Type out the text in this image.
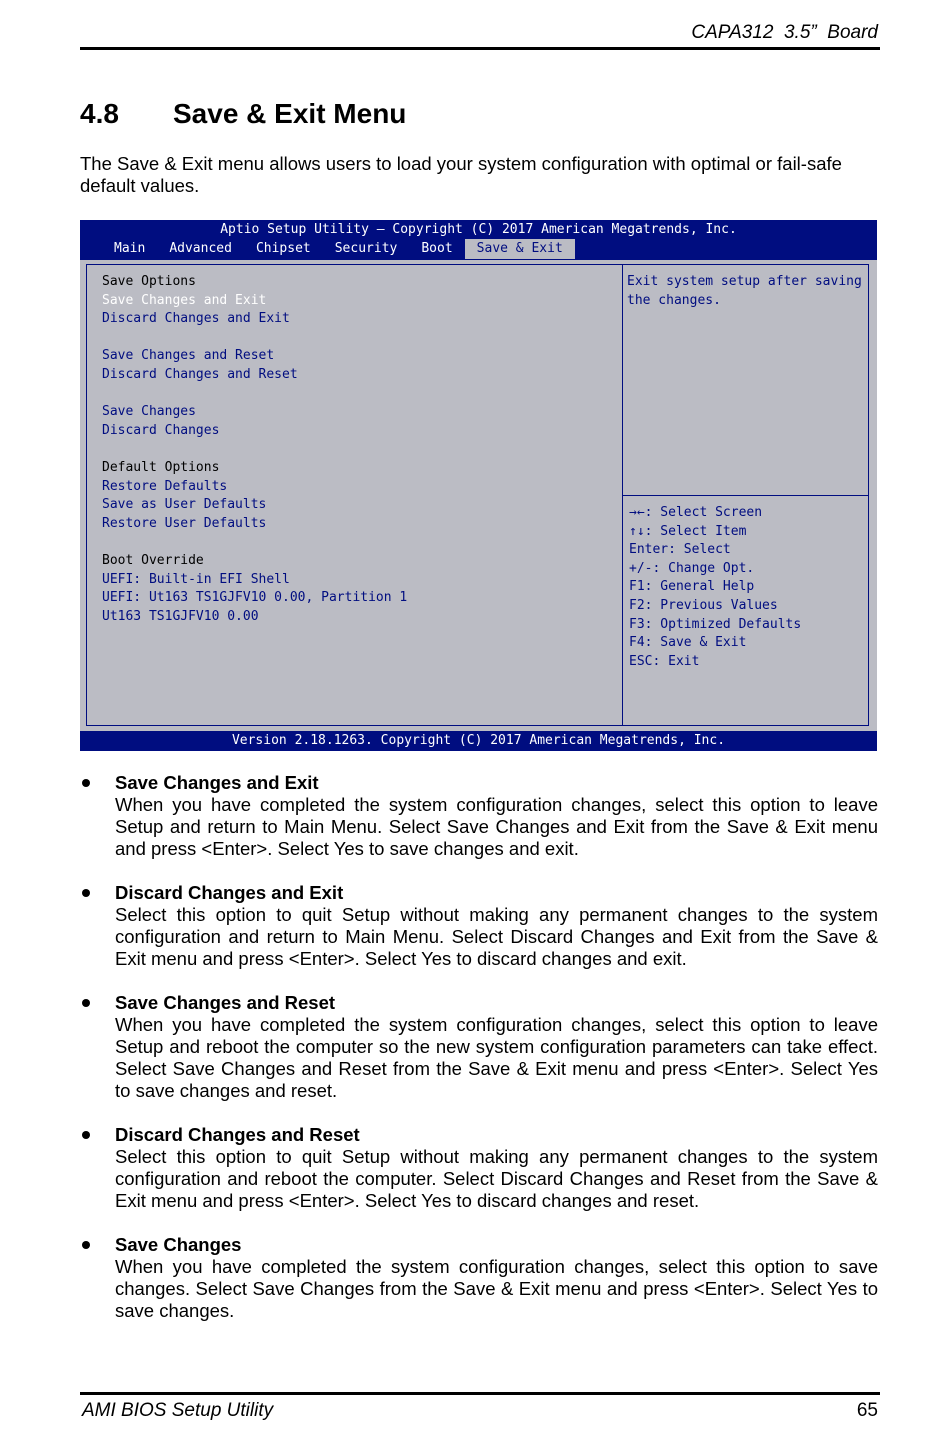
CAPA312  3.5”  Board
4.8 Save & Exit Menu
The Save & Exit menu allows users to load your system configuration with optimal or fail-safe default values.
Aptio Setup Utility – Copyright (C) 2017 American Megatrends, Inc.
Main	Advanced	Chipset	Security	Boot	Save & Exit
Save Options
Save Changes and Exit
Discard Changes and Exit
Save Changes and Reset
Discard Changes and Reset
Save Changes
Discard Changes
Default Options
Restore Defaults
Save as User Defaults
Restore User Defaults
Boot Override
UEFI: Built-in EFI Shell
UEFI: Ut163 TS1GJFV10 0.00, Partition 1
Ut163 TS1GJFV10 0.00
Exit system setup after saving
the changes.
→←: Select Screen
↑↓: Select Item
Enter: Select
+/-: Change Opt.
F1: General Help
F2: Previous Values
F3: Optimized Defaults
F4: Save & Exit
ESC: Exit
Version 2.18.1263. Copyright (C) 2017 American Megatrends, Inc.
Save Changes and Exit
When you have completed the system configuration changes, select this option to leave Setup and return to Main Menu. Select Save Changes and Exit from the Save & Exit menu and press <Enter>. Select Yes to save changes and exit.
Discard Changes and Exit
Select this option to quit Setup without making any permanent changes to the system configuration and return to Main Menu. Select Discard Changes and Exit from the Save & Exit menu and press <Enter>. Select Yes to discard changes and exit.
Save Changes and Reset
When you have completed the system configuration changes, select this option to leave Setup and reboot the computer so the new system configuration parameters can take effect. Select Save Changes and Reset from the Save & Exit menu and press <Enter>. Select Yes to save changes and reset.
Discard Changes and Reset
Select this option to quit Setup without making any permanent changes to the system configuration and reboot the computer. Select Discard Changes and Reset from the Save & Exit menu and press <Enter>. Select Yes to discard changes and reset.
Save Changes
When you have completed the system configuration changes, select this option to save changes. Select Save Changes from the Save & Exit menu and press <Enter>. Select Yes to save changes.
AMI BIOS Setup Utility	65
